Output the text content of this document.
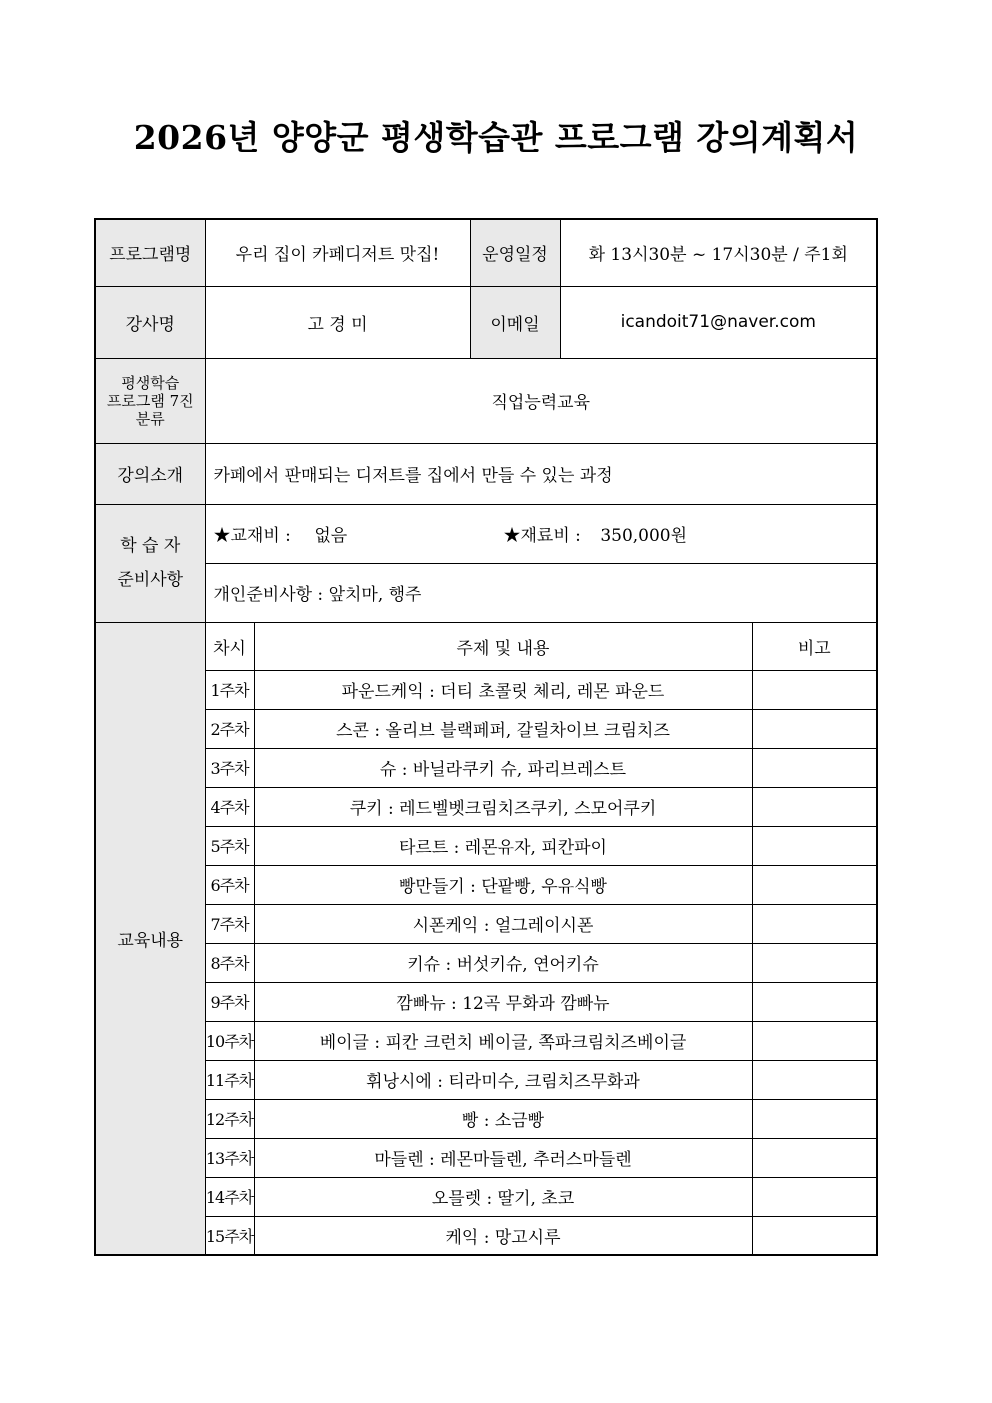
2026년 양양군 평생학습관 프로그램 강의계획서
프로그램명	우리 집이 카페디저트 맛집!		운영일정	화 13시30분 ~ 17시30분 / 주1회	
강사명	고 경 미		이메일	icandoit71@naver.com	

평생학습
프로그램 7진
분류	직업능력교육				
강의소개	카페에서 판매되는 디저트를 집에서 만들 수 있는 과정				

학 습 자
준비사항	★교재비 : 없음 ★재료비 : 350,000원				
	개인준비사항 : 앞치마, 행주				
교육내용	차시	주제 및 내용			비고
	1주차	파운드케익 : 더티 초콜릿 체리, 레몬 파운드			
	2주차	스콘 : 올리브 블랙페퍼, 갈릴차이브 크림치즈			
	3주차	슈 : 바닐라쿠키 슈, 파리브레스트			
	4주차	쿠키 : 레드벨벳크림치즈쿠키, 스모어쿠키			
	5주차	타르트 : 레몬유자, 피칸파이			
	6주차	빵만들기 : 단팥빵, 우유식빵			
	7주차	시폰케익 : 얼그레이시폰			
	8주차	키슈 : 버섯키슈, 연어키슈			
	9주차	깜빠뉴 : 12곡 무화과 깜빠뉴			
	10주차	베이글 : 피칸 크런치 베이글, 쪽파크림치즈베이글			
	11주차	휘낭시에 : 티라미수, 크림치즈무화과			
	12주차	빵 : 소금빵			
	13주차	마들렌 : 레몬마들렌, 추러스마들렌			
	14주차	오믈렛 : 딸기, 초코			
	15주차	케익 : 망고시루			
